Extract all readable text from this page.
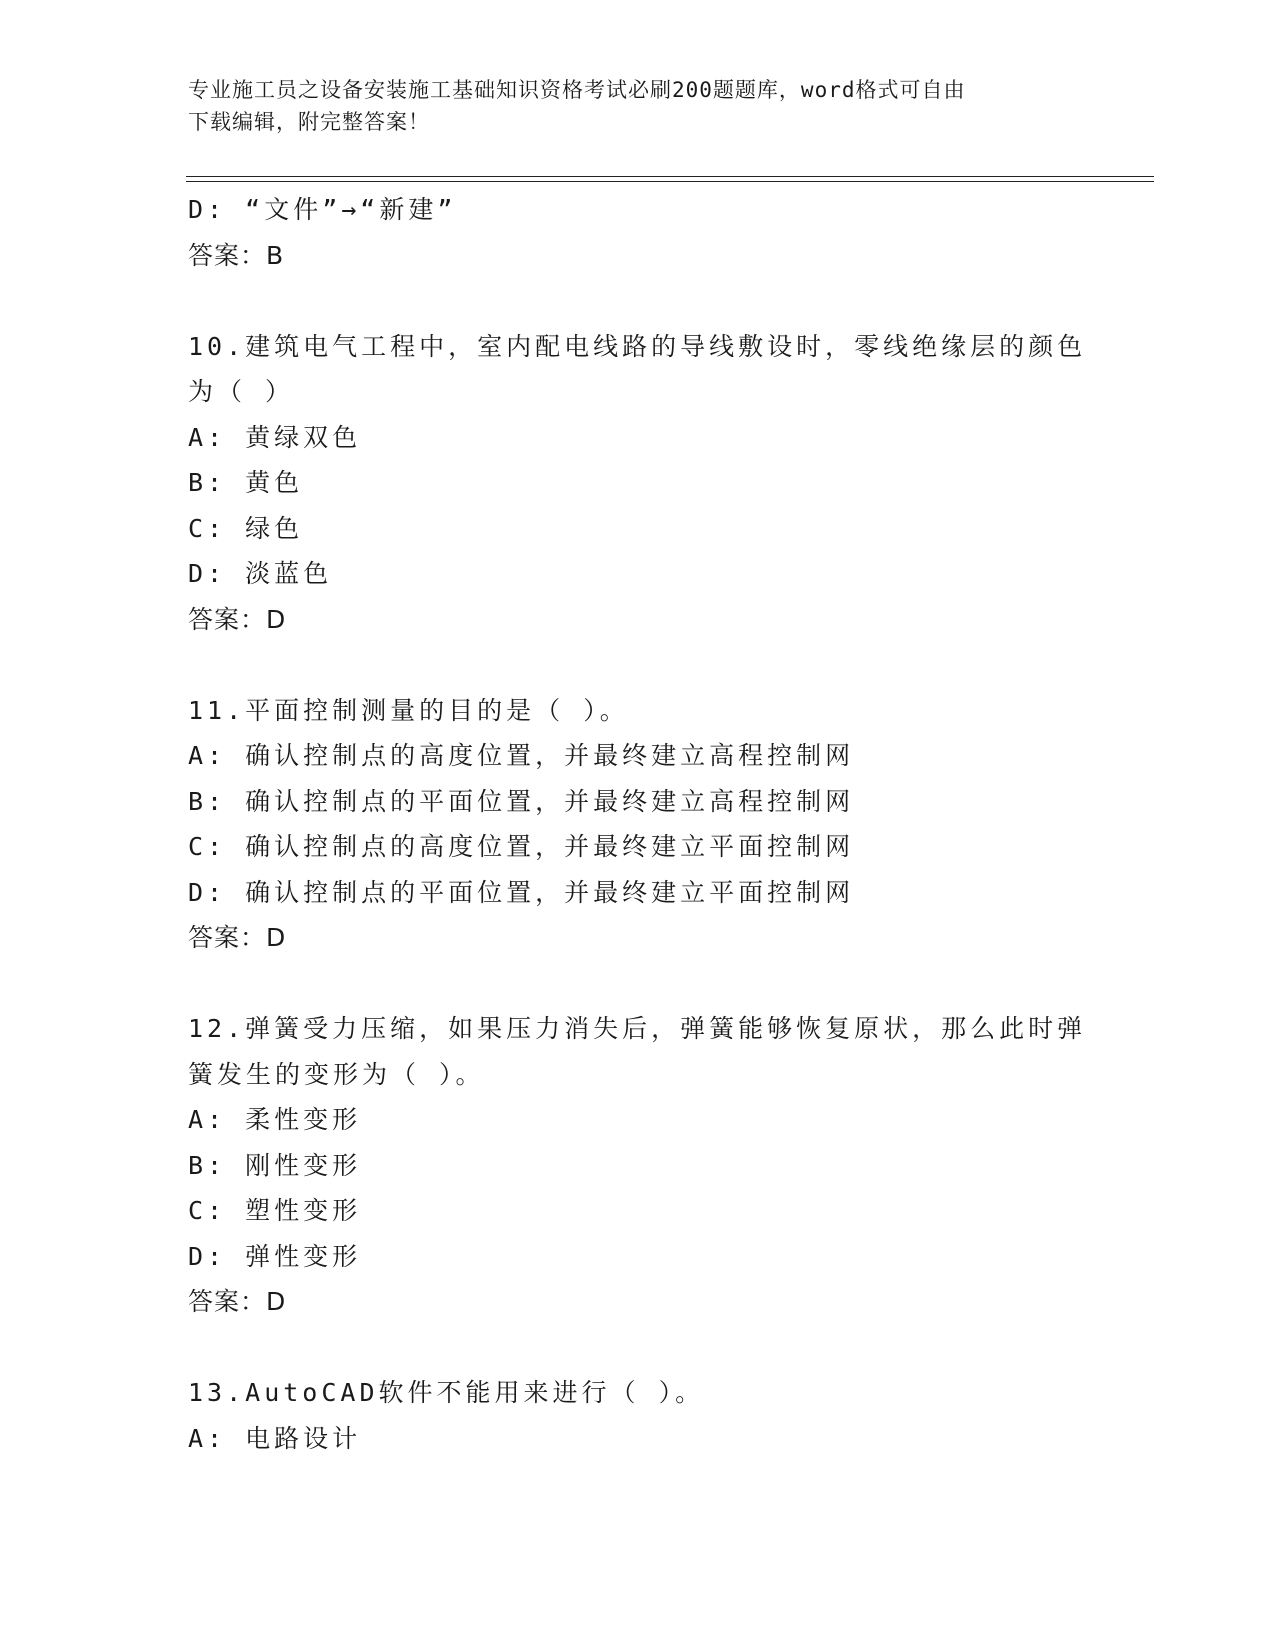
专业施工员之设备安装施工基础知识资格考试必刷200题题库，word格式可自由
下载编辑，附完整答案！
D: “文件”→“新建”
答案：B
10.建筑电气工程中，室内配电线路的导线敷设时，零线绝缘层的颜色
为（ ）
A: 黄绿双色
B: 黄色
C: 绿色
D: 淡蓝色
答案：D
11.平面控制测量的目的是（ ）。
A: 确认控制点的高度位置，并最终建立高程控制网
B: 确认控制点的平面位置，并最终建立高程控制网
C: 确认控制点的高度位置，并最终建立平面控制网
D: 确认控制点的平面位置，并最终建立平面控制网
答案：D
12.弹簧受力压缩，如果压力消失后，弹簧能够恢复原状，那么此时弹
簧发生的变形为（ ）。
A: 柔性变形
B: 刚性变形
C: 塑性变形
D: 弹性变形
答案：D
13.AutoCAD软件不能用来进行（ ）。
A: 电路设计
